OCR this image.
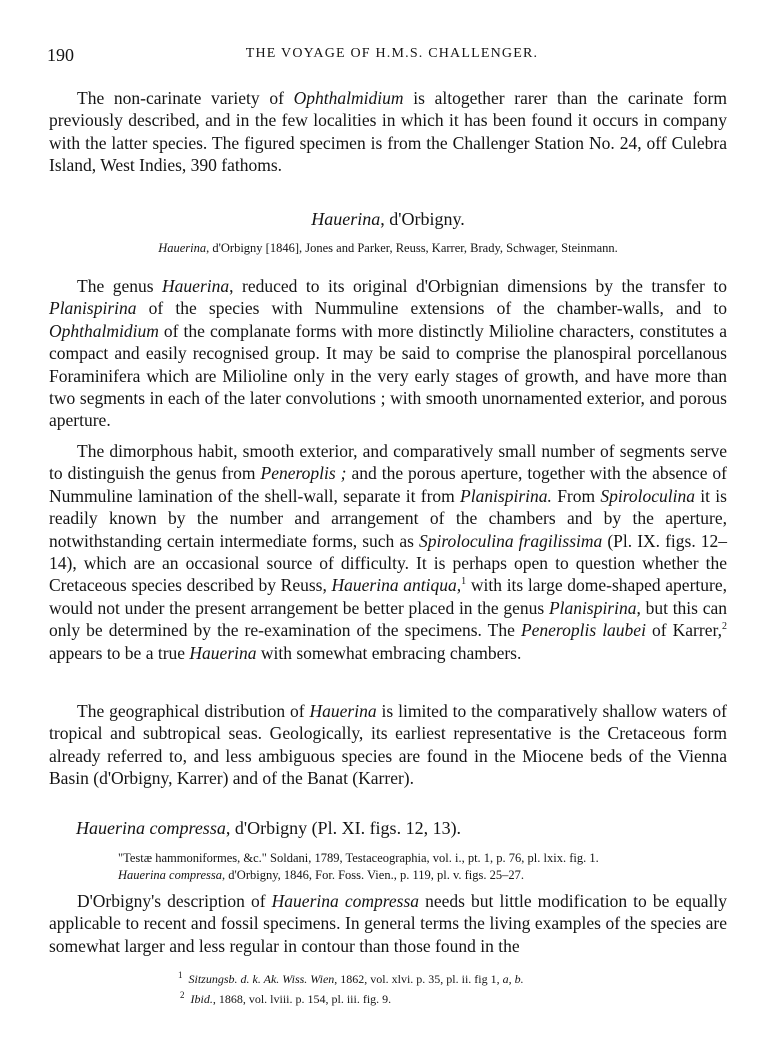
190	THE VOYAGE OF H.M.S. CHALLENGER.

The non-carinate variety of Ophthalmidium is altogether rarer than the carinate form previously described, and in the few localities in which it has been found it occurs in company with the latter species. The figured specimen is from the Challenger Station No. 24, off Culebra Island, West Indies, 390 fathoms.

Hauerina, d'Orbigny.
Hauerina, d'Orbigny [1846], Jones and Parker, Reuss, Karrer, Brady, Schwager, Steinmann.

The genus Hauerina, reduced to its original d'Orbignian dimensions by the transfer to Planispirina of the species with Nummuline extensions of the chamber-walls, and to Ophthalmidium of the complanate forms with more distinctly Milioline characters, constitutes a compact and easily recognised group. It may be said to comprise the planospiral porcellanous Foraminifera which are Milioline only in the very early stages of growth, and have more than two segments in each of the later convolutions ; with smooth unornamented exterior, and porous aperture.

The dimorphous habit, smooth exterior, and comparatively small number of segments serve to distinguish the genus from Peneroplis ; and the porous aperture, together with the absence of Nummuline lamination of the shell-wall, separate it from Planispirina. From Spiroloculina it is readily known by the number and arrangement of the chambers and by the aperture, notwithstanding certain intermediate forms, such as Spiroloculina fragilissima (Pl. IX. figs. 12–14), which are an occasional source of difficulty. It is perhaps open to question whether the Cretaceous species described by Reuss, Hauerina antiqua,$^1$ with its large dome-shaped aperture, would not under the present arrangement be better placed in the genus Planispirina, but this can only be determined by the re-examination of the specimens. The Peneroplis laubei of Karrer,$^2$ appears to be a true Hauerina with somewhat embracing chambers.

The geographical distribution of Hauerina is limited to the comparatively shallow waters of tropical and subtropical seas. Geologically, its earliest representative is the Cretaceous form already referred to, and less ambiguous species are found in the Miocene beds of the Vienna Basin (d'Orbigny, Karrer) and of the Banat (Karrer).

Hauerina compressa, d'Orbigny (Pl. XI. figs. 12, 13).
"Testæ hammoniformes, &c." Soldani, 1789, Testaceographia, vol. i., pt. 1, p. 76, pl. lxix. fig. 1.
Hauerina compressa, d'Orbigny, 1846, For. Foss. Vien., p. 119, pl. v. figs. 25–27.

D'Orbigny's description of Hauerina compressa needs but little modification to be equally applicable to recent and fossil specimens. In general terms the living examples of the species are somewhat larger and less regular in contour than those found in the

$^1$ Sitzungsb. d. k. Ak. Wiss. Wien, 1862, vol. xlvi. p. 35, pl. ii. fig 1, a, b.
$^2$ Ibid., 1868, vol. lviii. p. 154, pl. iii. fig. 9.
